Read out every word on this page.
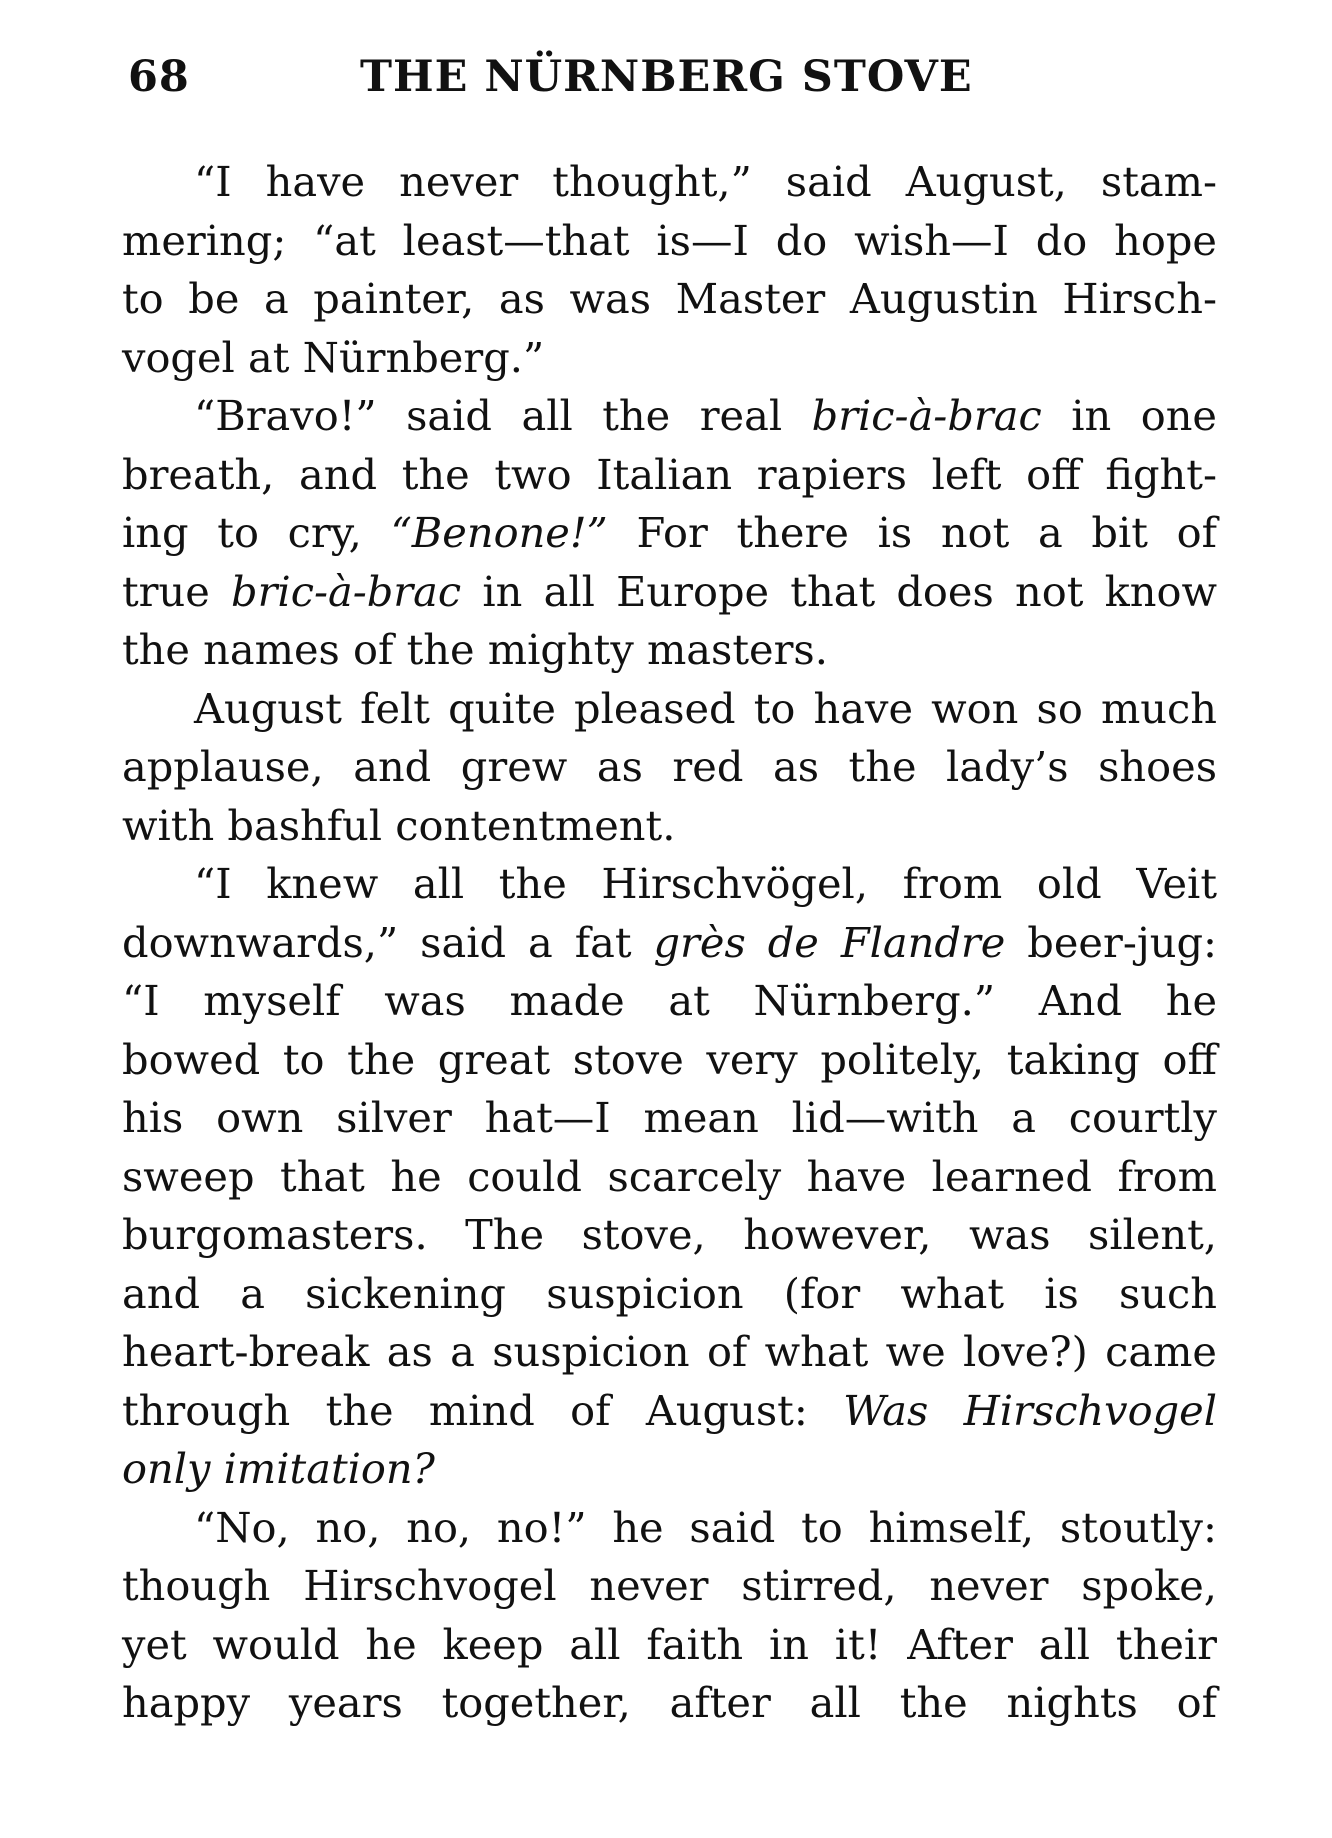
68	THE NÜRNBERG STOVE
“I have never thought,” said August, stam-
mering; “at least—that is—I do wish—I do hope
to be a painter, as was Master Augustin Hirsch-
vogel at Nürnberg.”
“Bravo!” said all the real bric-à-brac in one
breath, and the two Italian rapiers left off fight-
ing to cry, “Benone!” For there is not a bit of
true bric-à-brac in all Europe that does not know
the names of the mighty masters.
August felt quite pleased to have won so much
applause, and grew as red as the lady’s shoes
with bashful contentment.
“I knew all the Hirschvögel, from old Veit
downwards,” said a fat grès de Flandre beer-jug:
“I myself was made at Nürnberg.” And he
bowed to the great stove very politely, taking off
his own silver hat—I mean lid—with a courtly
sweep that he could scarcely have learned from
burgomasters. The stove, however, was silent,
and a sickening suspicion (for what is such
heart-break as a suspicion of what we love?) came
through the mind of August: Was Hirschvogel
only imitation?
“No, no, no, no!” he said to himself, stoutly:
though Hirschvogel never stirred, never spoke,
yet would he keep all faith in it! After all their
happy years together, after all the nights of
